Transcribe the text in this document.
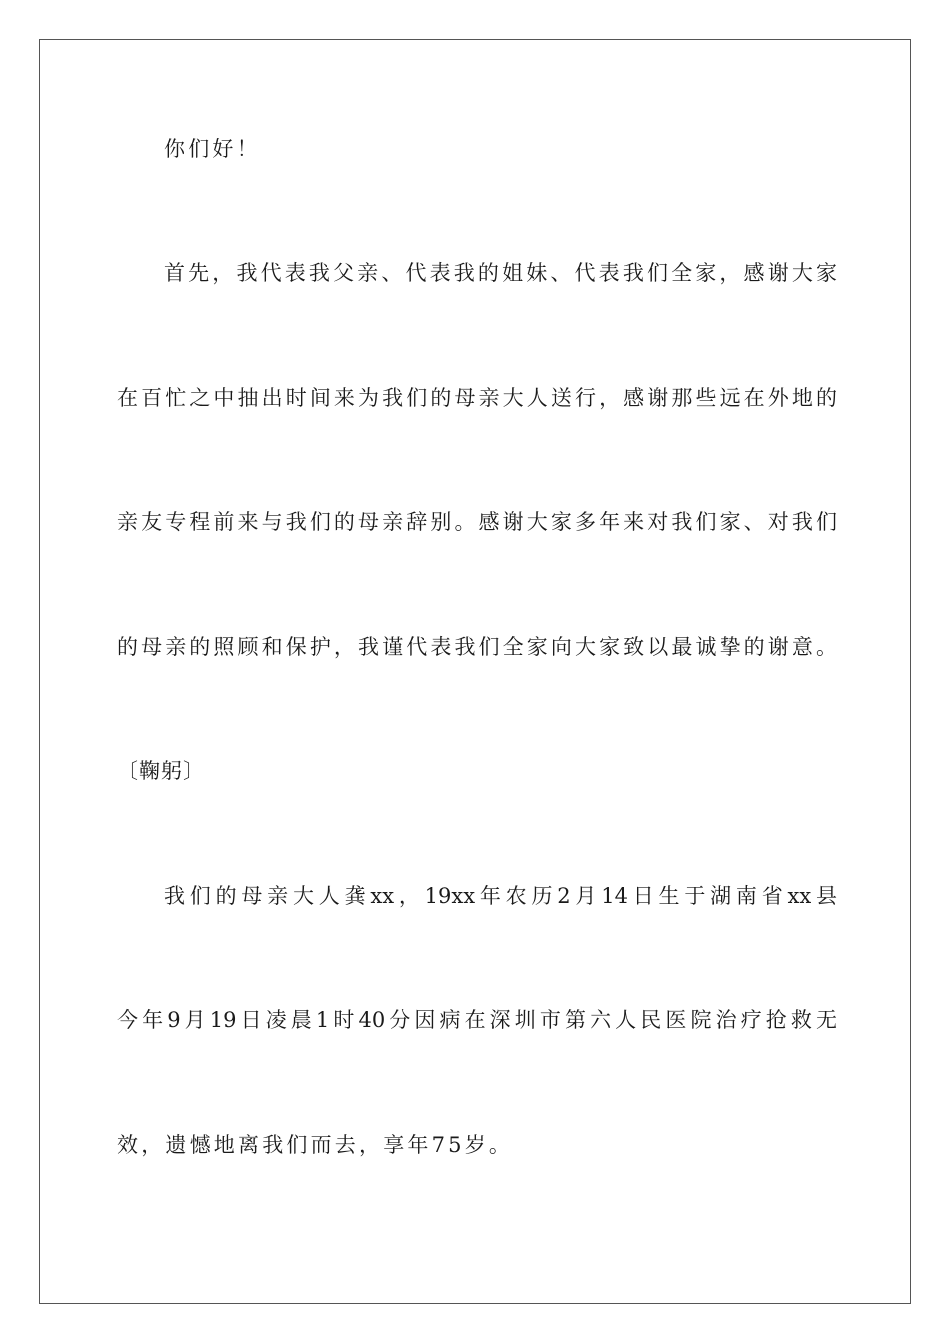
你们好！
首先，我代表我父亲、代表我的姐妹、代表我们全家，感谢大家
在百忙之中抽出时间来为我们的母亲大人送行，感谢那些远在外地的
亲友专程前来与我们的母亲辞别。感谢大家多年来对我们家、对我们
的母亲的照顾和保护，我谨代表我们全家向大家致以最诚挚的谢意。
〔鞠躬〕
我们的母亲大人龚xx，19xx年农历2月14日生于湖南省xx县
今年9月19日凌晨1时40分因病在深圳市第六人民医院治疗抢救无
效，遗憾地离我们而去，享年75岁。
